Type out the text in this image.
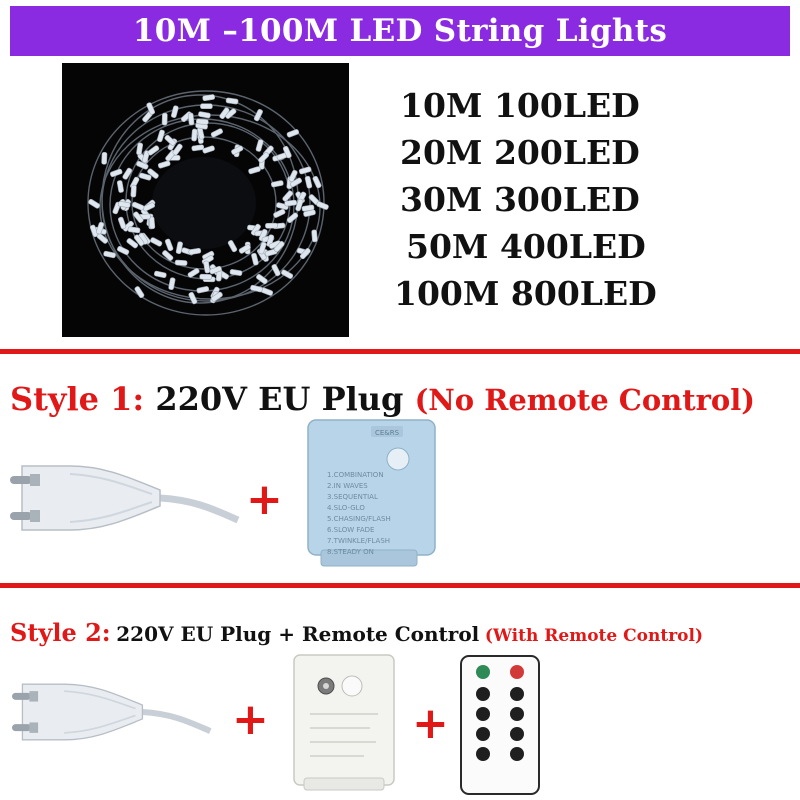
10M –100M LED String Lights
10M 100LED
20M 200LED
30M 300LED
50M 400LED
100M 800LED
Style 1: 220V EU Plug (No Remote Control)
+
CE&RS
1.COMBINATION
2.IN WAVES
3.SEQUENTIAL
4.SLO-GLO
5.CHASING/FLASH
6.SLOW FADE
7.TWINKLE/FLASH
8.STEADY ON
Style 2: 220V EU Plug + Remote Control (With Remote Control)
+	+
